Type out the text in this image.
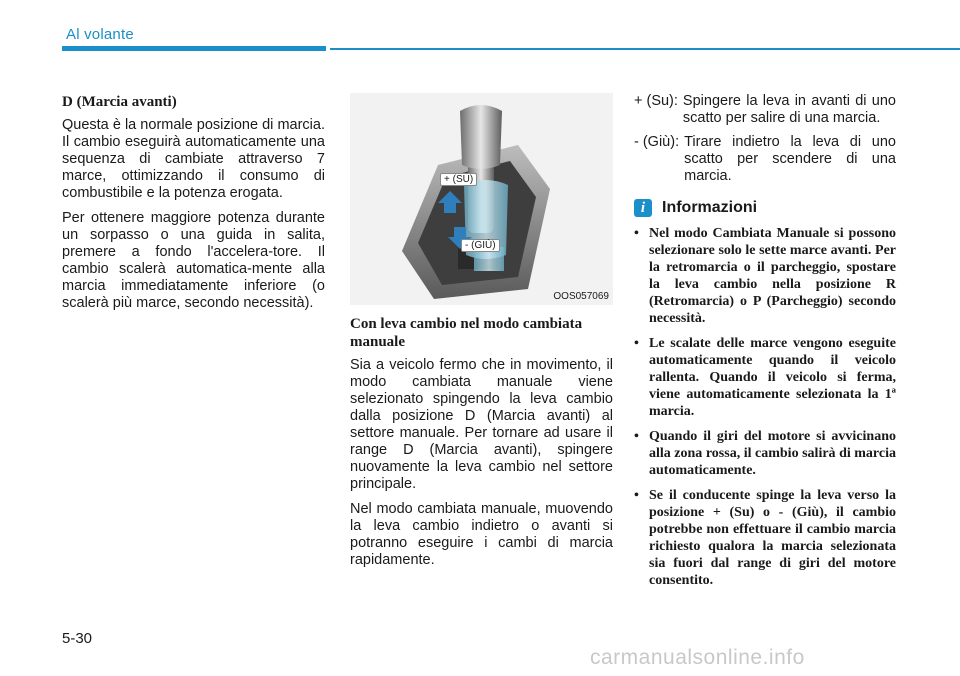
Al volante
D (Marcia avanti)

Questa è la normale posizione di marcia. Il cambio eseguirà automaticamente una sequenza di cambiate attraverso 7 marce, ottimizzando il consumo di combustibile e la potenza erogata.

Per ottenere maggiore potenza durante un sorpasso o una guida in salita, premere a fondo l'accelera-tore. Il cambio scalerà automatica-mente alla marcia immediatamente inferiore (o scalerà più marce, secondo necessità).

+ (SU)
- (GIÙ)
OOS057069
Con leva cambio nel modo cambiata manuale

Sia a veicolo fermo che in movimento, il modo cambiata manuale viene selezionato spingendo la leva cambio dalla posizione D (Marcia avanti) al settore manuale. Per tornare ad usare il range D (Marcia avanti), spingere nuovamente la leva cambio nel settore principale.

Nel modo cambiata manuale, muovendo la leva cambio indietro o avanti si potranno eseguire i cambi di marcia rapidamente.

+ (Su): Spingere la leva in avanti di uno scatto per salire di una marcia.
- (Giù): Tirare indietro la leva di uno scatto per scendere di una marcia.
i	Informazioni
• Nel modo Cambiata Manuale si possono selezionare solo le sette marce avanti. Per la retromarcia o il parcheggio, spostare la leva cambio nella posizione R (Retromarcia) o P (Parcheggio) secondo necessità.
• Le scalate delle marce vengono eseguite automaticamente quando il veicolo rallenta. Quando il veicolo si ferma, viene automaticamente selezionata la 1ª marcia.
• Quando il giri del motore si avvicinano alla zona rossa, il cambio salirà di marcia automaticamente.
• Se il conducente spinge la leva verso la posizione + (Su) o - (Giù), il cambio potrebbe non effettuare il cambio marcia richiesto qualora la marcia selezionata sia fuori dal range di giri del motore consentito.
5-30
carmanualsonline.info
